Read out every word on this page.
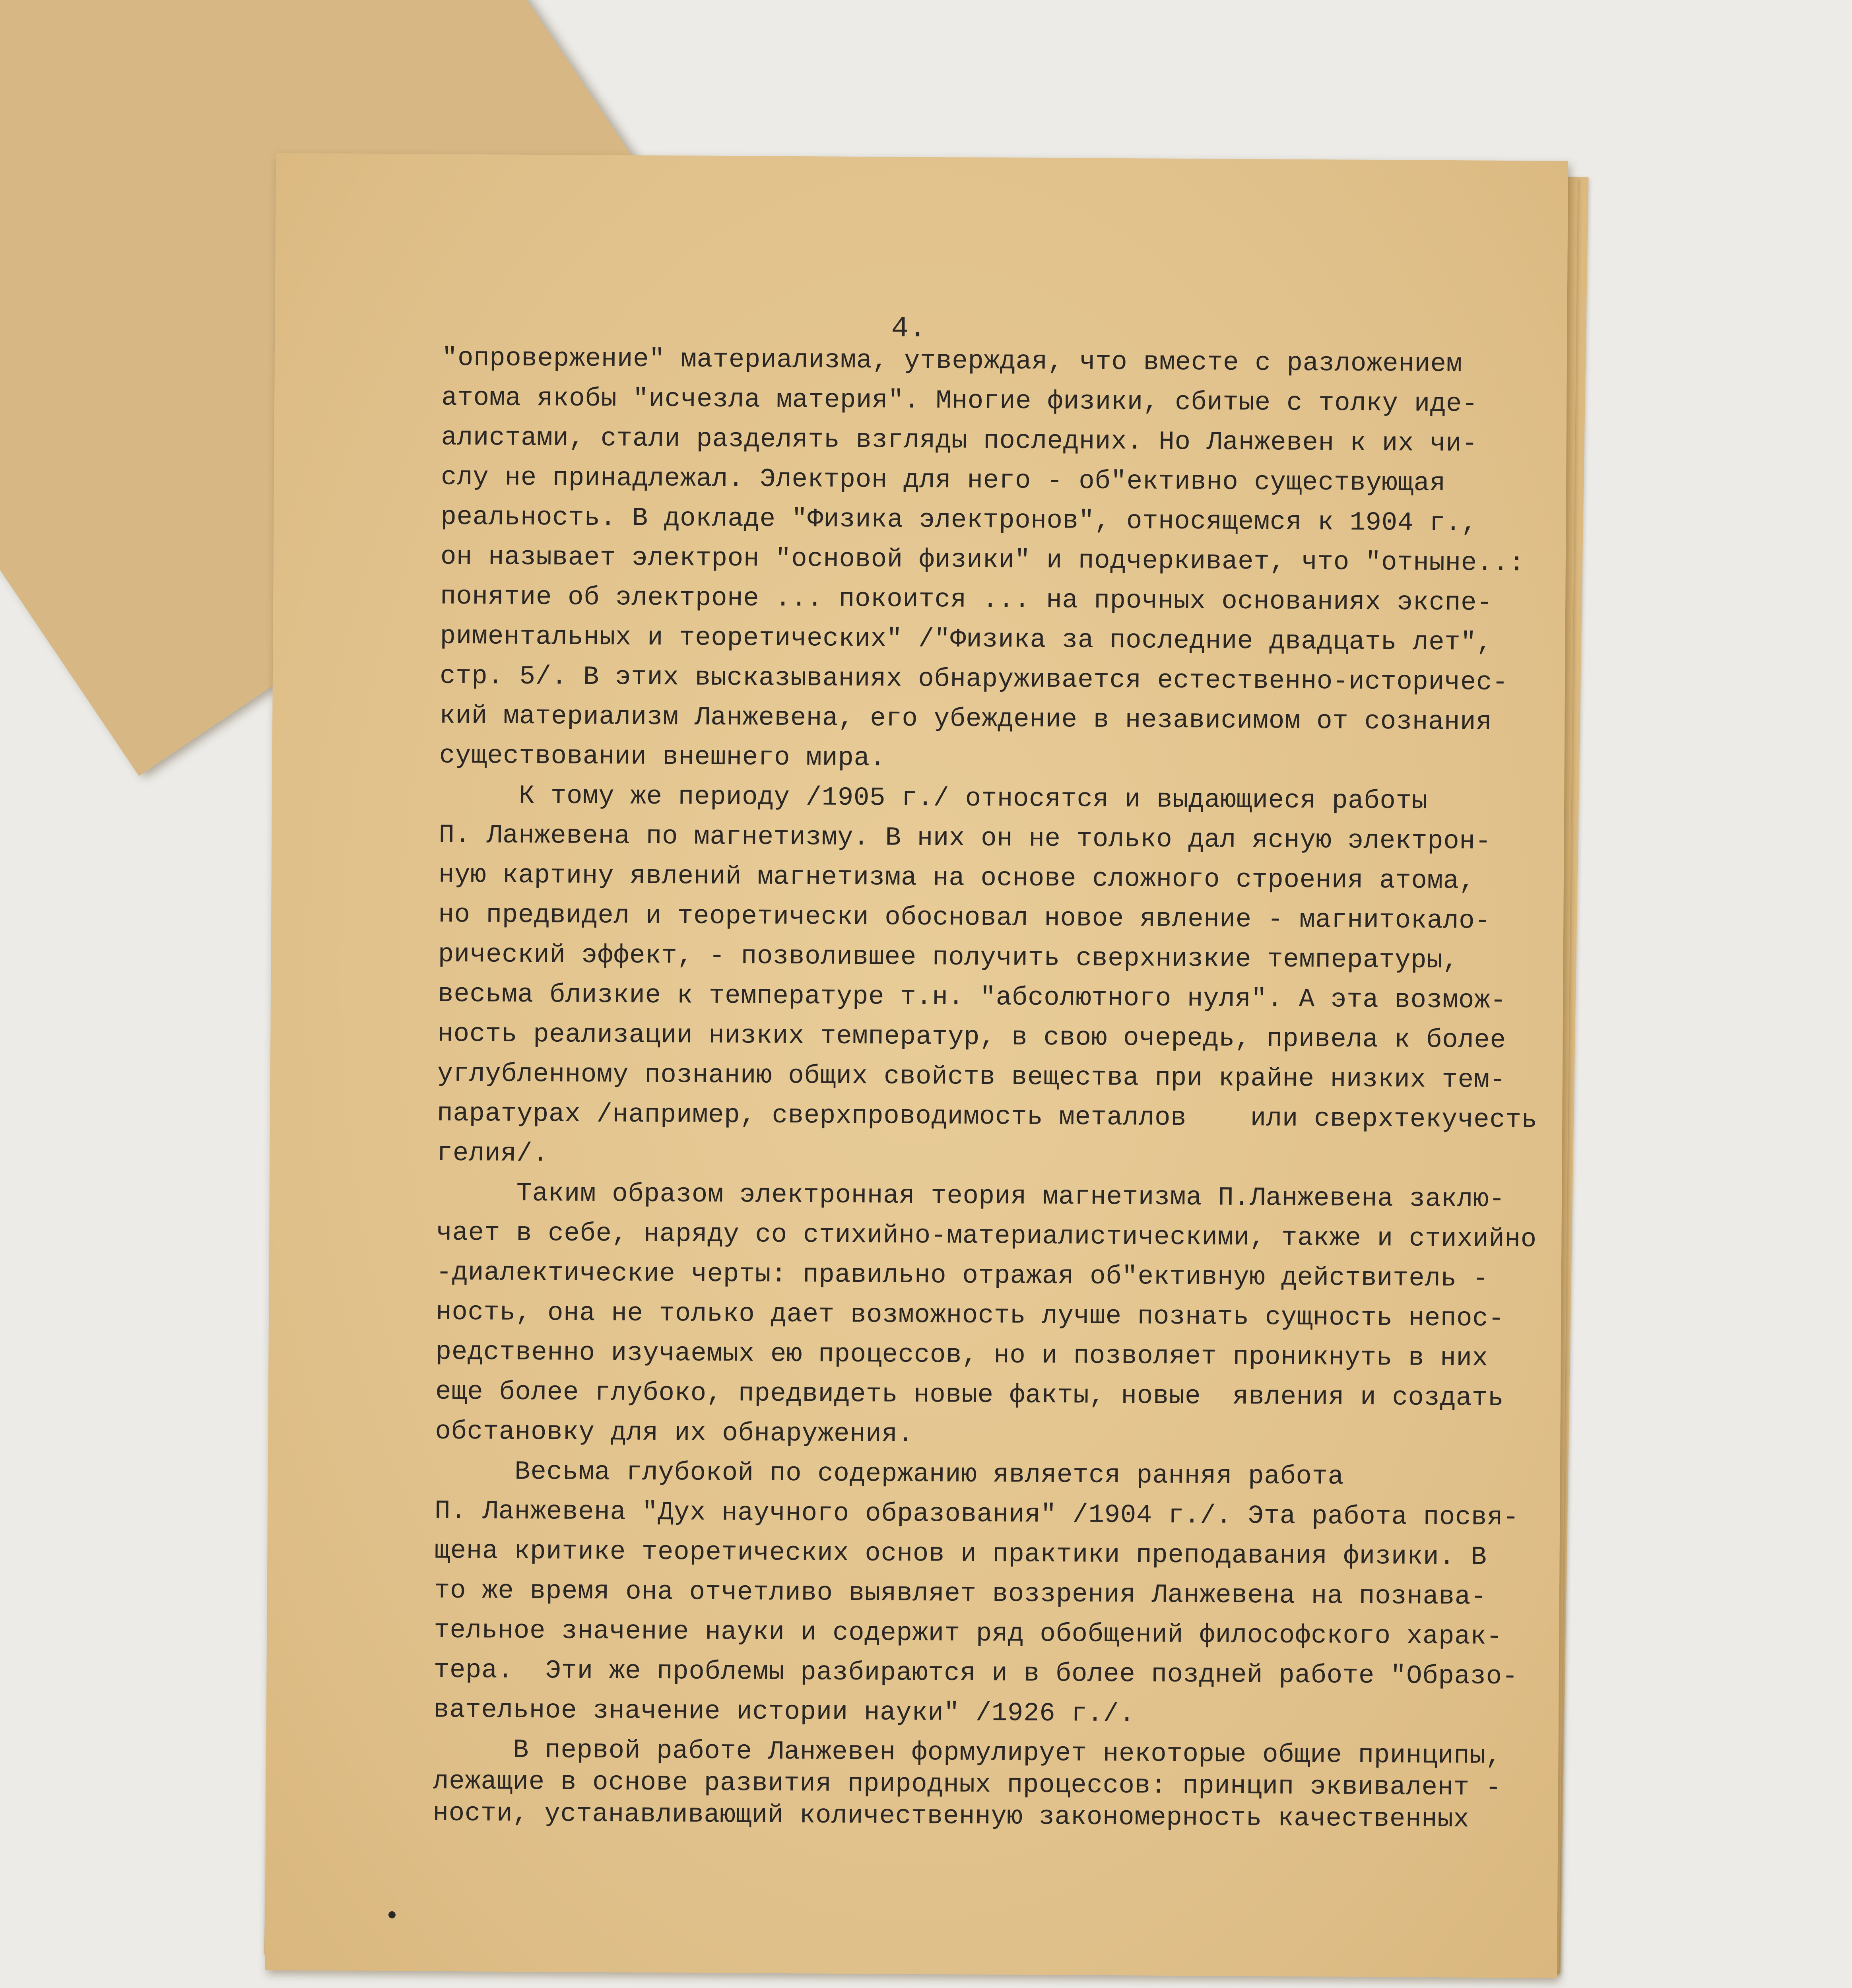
4.
"опровержение" материализма, утверждая, что вместе с разложением
атома якобы "исчезла материя". Многие физики, сбитые с толку иде-
алистами, стали разделять взгляды последних. Но Ланжевен к их чи-
слу не принадлежал. Электрон для него - об"ективно существующая
реальность. В докладе "Физика электронов", относящемся к 1904 г.,
он называет электрон "основой физики" и подчеркивает, что "отныне..:
понятие об электроне ... покоится ... на прочных основаниях экспе-
риментальных и теоретических" /"Физика за последние двадцать лет",
стр. 5/. В этих высказываниях обнаруживается естественно-историчес-
кий материализм Ланжевена, его убеждение в независимом от сознания
существовании внешнего мира.
К тому же периоду /1905 г./ относятся и выдающиеся работы
П. Ланжевена по магнетизму. В них он не только дал ясную электрон-
ную картину явлений магнетизма на основе сложного строения атома,
но предвидел и теоретически обосновал новое явление - магнитокало-
рический эффект, - позволившее получить сверхнизкие температуры,
весьма близкие к температуре т.н. "абсолютного нуля". А эта возмож-
ность реализации низких температур, в свою очередь, привела к более
углубленному познанию общих свойств вещества при крайне низких тем-
паратурах /например, сверхпроводимость металлов    или сверхтекучесть
гелия/.
Таким образом электронная теория магнетизма П.Ланжевена заклю-
чает в себе, наряду со стихийно-материалистическими, также и стихийно
-диалектические черты: правильно отражая об"ективную действитель -
ность, она не только дает возможность лучше познать сущность непос-
редственно изучаемых ею процессов, но и позволяет проникнуть в них
еще более глубоко, предвидеть новые факты, новые  явления и создать
обстановку для их обнаружения.
Весьма глубокой по содержанию является ранняя работа
П. Ланжевена "Дух научного образования" /1904 г./. Эта работа посвя-
щена критике теоретических основ и практики преподавания физики. В
то же время она отчетливо выявляет воззрения Ланжевена на познава-
тельное значение науки и содержит ряд обобщений философского харак-
тера.  Эти же проблемы разбираются и в более поздней работе "Образо-
вательное значение истории науки" /1926 г./.
В первой работе Ланжевен формулирует некоторые общие принципы,
лежащие в основе развития природных процессов: принцип эквивалент -
ности, устанавливающий количественную закономерность качественных
